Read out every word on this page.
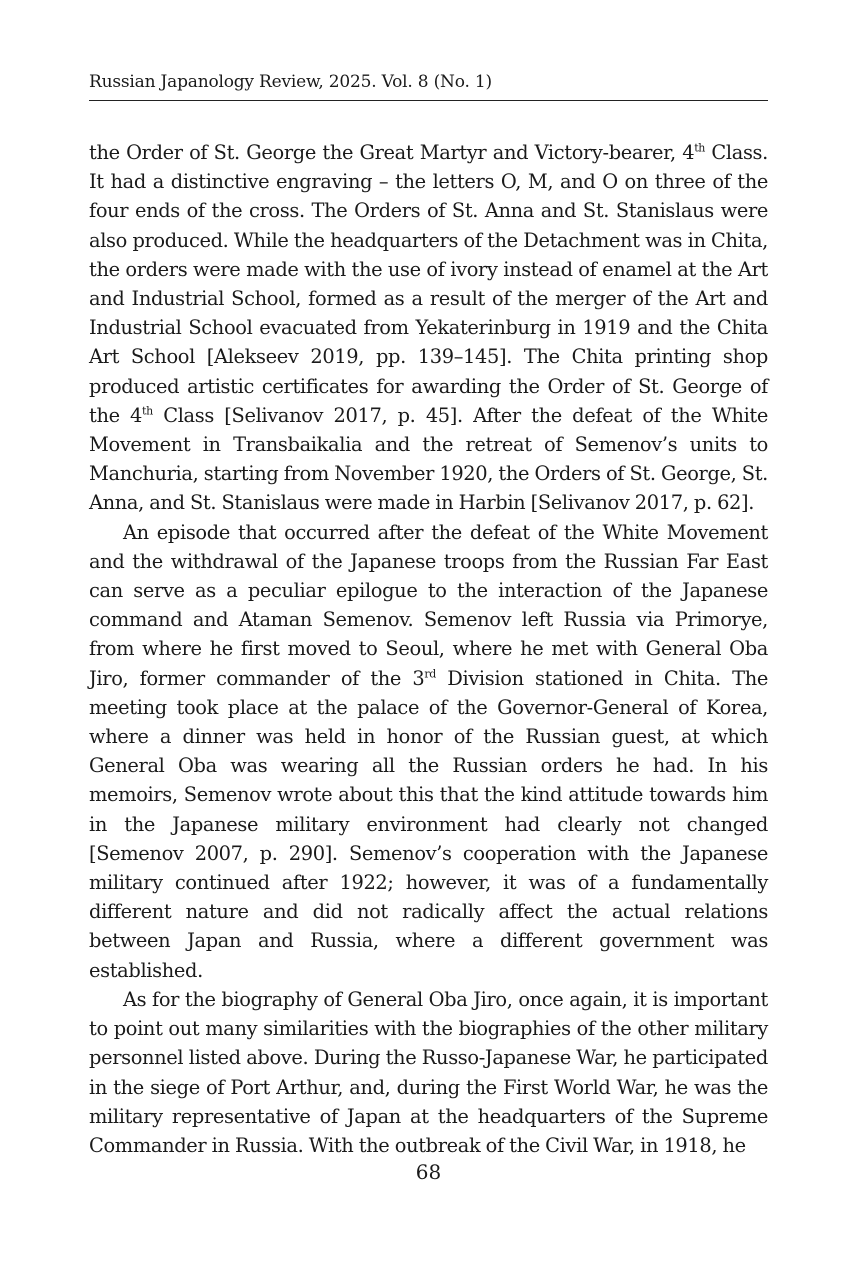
Russian Japanology Review, 2025. Vol. 8 (No. 1)

the Order of St. George the Great Martyr and Victory-bearer, 4th Class. It had a distinctive engraving – the letters O, M, and O on three of the four ends of the cross. The Orders of St. Anna and St. Stanislaus were also produced. While the headquarters of the Detachment was in Chita, the orders were made with the use of ivory instead of enamel at the Art and Industrial School, formed as a result of the merger of the Art and Industrial School evacuated from Yekaterinburg in 1919 and the Chita Art School [Alekseev 2019, pp. 139–145]. The Chita printing shop produced artistic certificates for awarding the Order of St. George of the 4th Class [Selivanov 2017, p. 45]. After the defeat of the White Movement in Transbaikalia and the retreat of Semenov’s units to Manchuria, starting from November 1920, the Orders of St. George, St. Anna, and St. Stanislaus were made in Harbin [Selivanov 2017, p. 62].

An episode that occurred after the defeat of the White Movement and the withdrawal of the Japanese troops from the Russian Far East can serve as a peculiar epilogue to the interaction of the Japanese command and Ataman Semenov. Semenov left Russia via Primorye, from where he first moved to Seoul, where he met with General Oba Jiro, former commander of the 3rd Division stationed in Chita. The meeting took place at the palace of the Governor-General of Korea, where a dinner was held in honor of the Russian guest, at which General Oba was wearing all the Russian orders he had. In his memoirs, Semenov wrote about this that the kind attitude towards him in the Japanese military environment had clearly not changed [Semenov 2007, p. 290]. Semenov’s cooperation with the Japanese military continued after 1922; however, it was of a fundamentally different nature and did not radically affect the actual relations between Japan and Russia, where a different government was established.

As for the biography of General Oba Jiro, once again, it is important to point out many similarities with the biographies of the other military personnel listed above. During the Russo-Japanese War, he participated in the siege of Port Arthur, and, during the First World War, he was the military representative of Japan at the headquarters of the Supreme Commander in Russia. With the outbreak of the Civil War, in 1918, he

68
